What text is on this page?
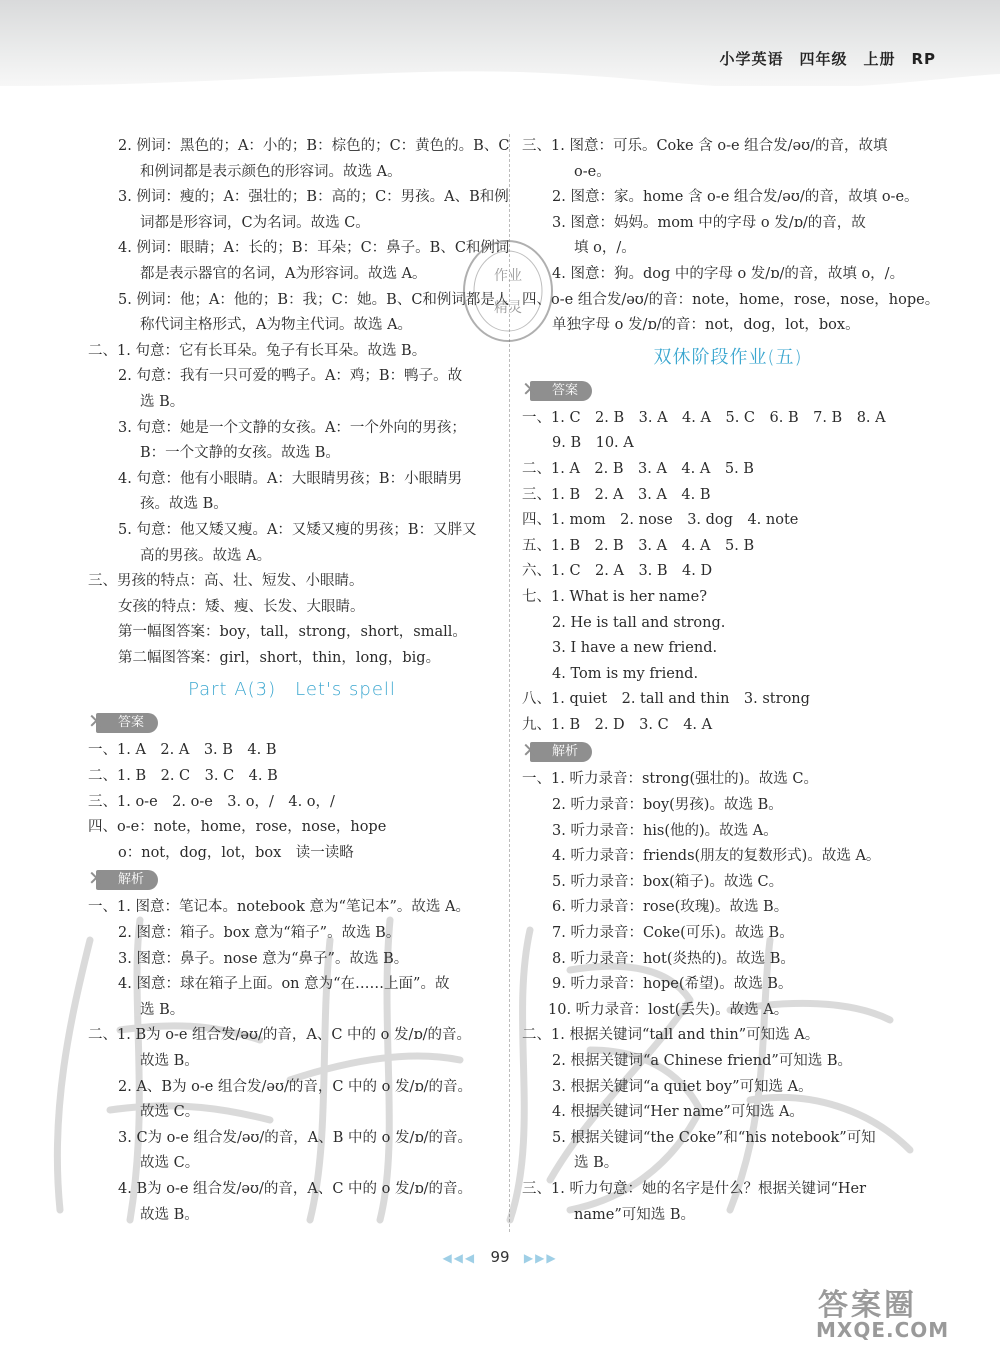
小学英语　四年级　上册　RP
2. 例词：黑色的；A：小的；B：棕色的；C：黄色的。B、C
和例词都是表示颜色的形容词。故选 A。
3. 例词：瘦的；A：强壮的；B：高的；C：男孩。A、B和例
词都是形容词，C为名词。故选 C。
4. 例词：眼睛；A：长的；B：耳朵；C：鼻子。B、C和例词
都是表示器官的名词，A为形容词。故选 A。
5. 例词：他；A：他的；B：我；C：她。B、C和例词都是人
称代词主格形式，A为物主代词。故选 A。
二、1. 句意：它有长耳朵。兔子有长耳朵。故选 B。
2. 句意：我有一只可爱的鸭子。A：鸡；B：鸭子。故
选 B。
3. 句意：她是一个文静的女孩。A：一个外向的男孩；
B：一个文静的女孩。故选 B。
4. 句意：他有小眼睛。A：大眼睛男孩；B：小眼睛男
孩。故选 B。
5. 句意：他又矮又瘦。A：又矮又瘦的男孩；B：又胖又
高的男孩。故选 A。
三、男孩的特点：高、壮、短发、小眼睛。
女孩的特点：矮、瘦、长发、大眼睛。
第一幅图答案：boy，tall，strong，short，small。
第二幅图答案：girl，short，thin，long，big。
Part A(3)　Let's spell
✕ 答案
一、1. A　2. A　3. B　4. B
二、1. B　2. C　3. C　4. B
三、1. o-e　2. o-e　3. o，/　4. o，/
四、o-e：note，home，rose，nose，hope
o：not，dog，lot，box　读一读略
✕ 解析
一、1. 图意：笔记本。notebook 意为“笔记本”。故选 A。
2. 图意：箱子。box 意为“箱子”。故选 B。
3. 图意：鼻子。nose 意为“鼻子”。故选 B。
4. 图意：球在箱子上面。on 意为“在……上面”。故
选 B。
二、1. B为 o-e 组合发/əʊ/的音，A、C 中的 o 发/ɒ/的音。
故选 B。
2. A、B为 o-e 组合发/əʊ/的音，C 中的 o 发/ɒ/的音。
故选 C。
3. C为 o-e 组合发/əʊ/的音，A、B 中的 o 发/ɒ/的音。
故选 C。
4. B为 o-e 组合发/əʊ/的音，A、C 中的 o 发/ɒ/的音。
故选 B。
三、1. 图意：可乐。Coke 含 o-e 组合发/əʊ/的音，故填
o-e。
2. 图意：家。home 含 o-e 组合发/əʊ/的音，故填 o-e。
3. 图意：妈妈。mom 中的字母 o 发/ɒ/的音，故
填 o，/。
4. 图意：狗。dog 中的字母 o 发/ɒ/的音，故填 o，/。
四、o-e 组合发/əʊ/的音：note，home，rose，nose，hope。
单独字母 o 发/ɒ/的音：not，dog，lot，box。
双休阶段作业(五)
✕ 答案
一、1. C　2. B　3. A　4. A　5. C　6. B　7. B　8. A
9. B　10. A
二、1. A　2. B　3. A　4. A　5. B
三、1. B　2. A　3. A　4. B
四、1. mom　2. nose　3. dog　4. note
五、1. B　2. B　3. A　4. A　5. B
六、1. C　2. A　3. B　4. D
七、1. What is her name?
2. He is tall and strong.
3. I have a new friend.
4. Tom is my friend.
八、1. quiet　2. tall and thin　3. strong
九、1. B　2. D　3. C　4. A
✕ 解析
一、1. 听力录音：strong(强壮的)。故选 C。
2. 听力录音：boy(男孩)。故选 B。
3. 听力录音：his(他的)。故选 A。
4. 听力录音：friends(朋友的复数形式)。故选 A。
5. 听力录音：box(箱子)。故选 C。
6. 听力录音：rose(玫瑰)。故选 B。
7. 听力录音：Coke(可乐)。故选 B。
8. 听力录音：hot(炎热的)。故选 B。
9. 听力录音：hope(希望)。故选 B。
10. 听力录音：lost(丢失)。故选 A。
二、1. 根据关键词“tall and thin”可知选 A。
2. 根据关键词“a Chinese friend”可知选 B。
3. 根据关键词“a quiet boy”可知选 A。
4. 根据关键词“Her name”可知选 A。
5. 根据关键词“the Coke”和“his notebook”可知
选 B。
三、1. 听力句意：她的名字是什么？根据关键词“Her
name”可知选 B。
作业
精灵
◀◀◀ 99 ▶▶▶
答案圈
MXQE.COM
